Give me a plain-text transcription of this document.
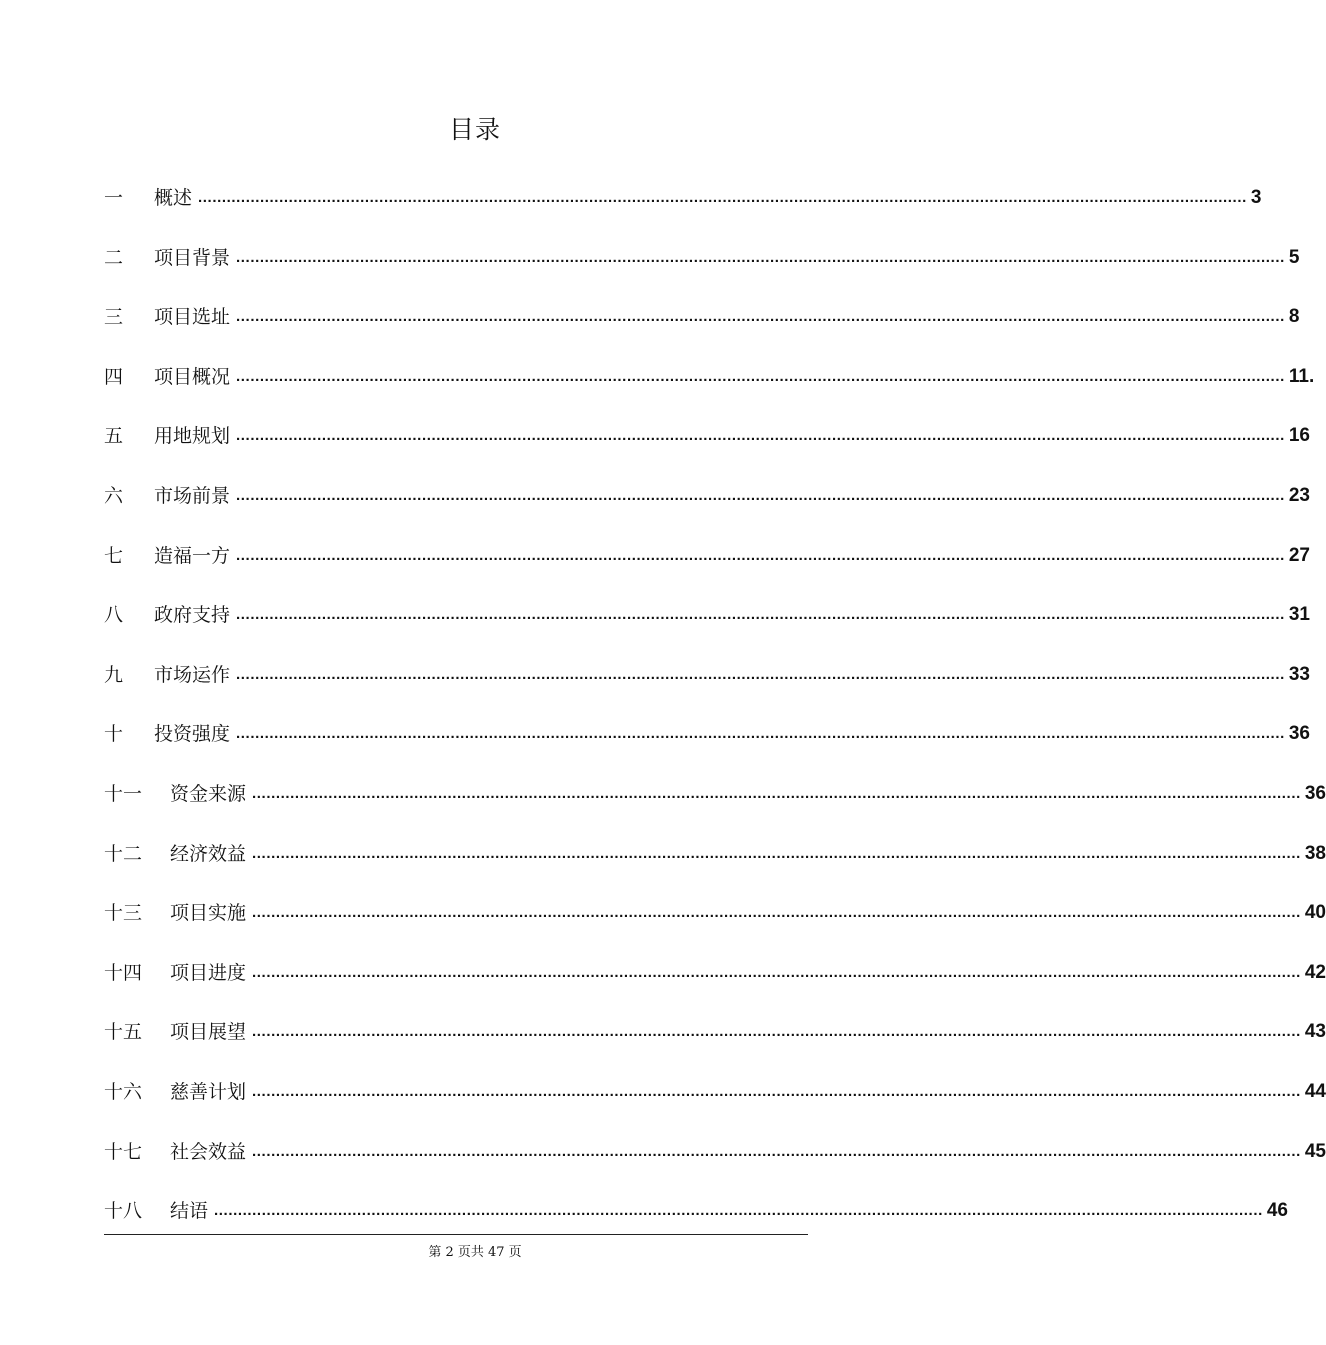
目录
一	概述 ............................................................................................................................................................................................................................ 3
二	项目背景 ............................................................................................................................................................................................................................ 5
三	项目选址 ............................................................................................................................................................................................................................ 8
四	项目概况 ............................................................................................................................................................................................................................ 11.
五	用地规划 ............................................................................................................................................................................................................................ 16
六	市场前景 ............................................................................................................................................................................................................................ 23
七	造福一方 ............................................................................................................................................................................................................................ 27
八	政府支持 ............................................................................................................................................................................................................................ 31
九	市场运作 ............................................................................................................................................................................................................................ 33
十	投资强度 ............................................................................................................................................................................................................................ 36
十一	资金来源 ............................................................................................................................................................................................................................ 36
十二	经济效益 ............................................................................................................................................................................................................................ 38
十三	项目实施 ............................................................................................................................................................................................................................ 40
十四	项目进度 ............................................................................................................................................................................................................................ 42
十五	项目展望 ............................................................................................................................................................................................................................ 43
十六	慈善计划 ............................................................................................................................................................................................................................ 44
十七	社会效益 ............................................................................................................................................................................................................................ 45
十八	结语 ............................................................................................................................................................................................................................ 46
第 2 页共 47 页
